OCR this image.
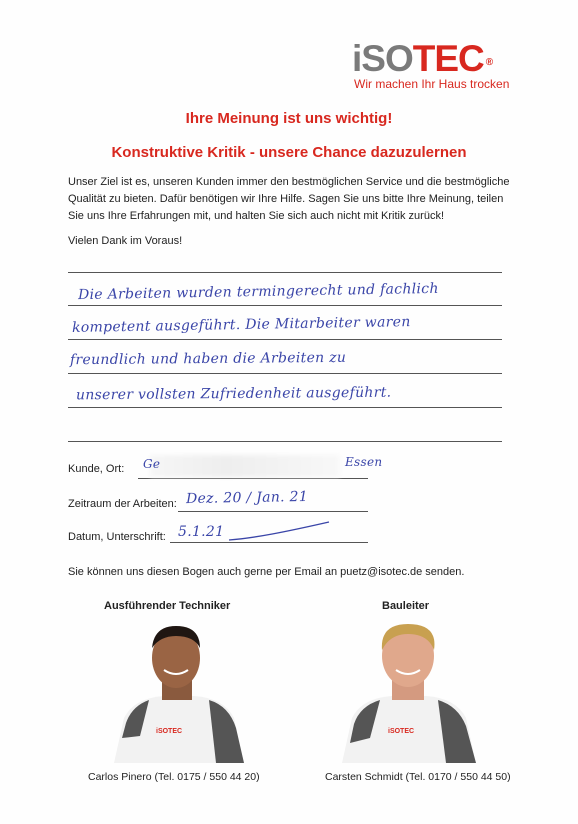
iSOTEC ®
Wir machen Ihr Haus trocken
Ihre Meinung ist uns wichtig!
Konstruktive Kritik - unsere Chance dazuzulernen
Unser Ziel ist es, unseren Kunden immer den bestmöglichen Service und die bestmögliche
Qualität zu bieten. Dafür benötigen wir Ihre Hilfe. Sagen Sie uns bitte Ihre Meinung, teilen
Sie uns Ihre Erfahrungen mit, und halten Sie sich auch nicht mit Kritik zurück!
Vielen Dank im Voraus!
Die Arbeiten wurden termingerecht und fachlich
kompetent ausgeführt. Die Mitarbeiter waren
freundlich und haben die Arbeiten zu
unserer vollsten Zufriedenheit ausgeführt.
Kunde, Ort: Ge	Essen
Zeitraum der Arbeiten: Dez. 20 / Jan. 21
Datum, Unterschrift: 5.1.21
Sie können uns diesen Bogen auch gerne per Email an puetz@isotec.de senden.
Ausführender Techniker	Bauleiter
iSOTEC	iSOTEC
Carlos Pinero (Tel. 0175 / 550 44 20)	Carsten Schmidt (Tel. 0170 / 550 44 50)
